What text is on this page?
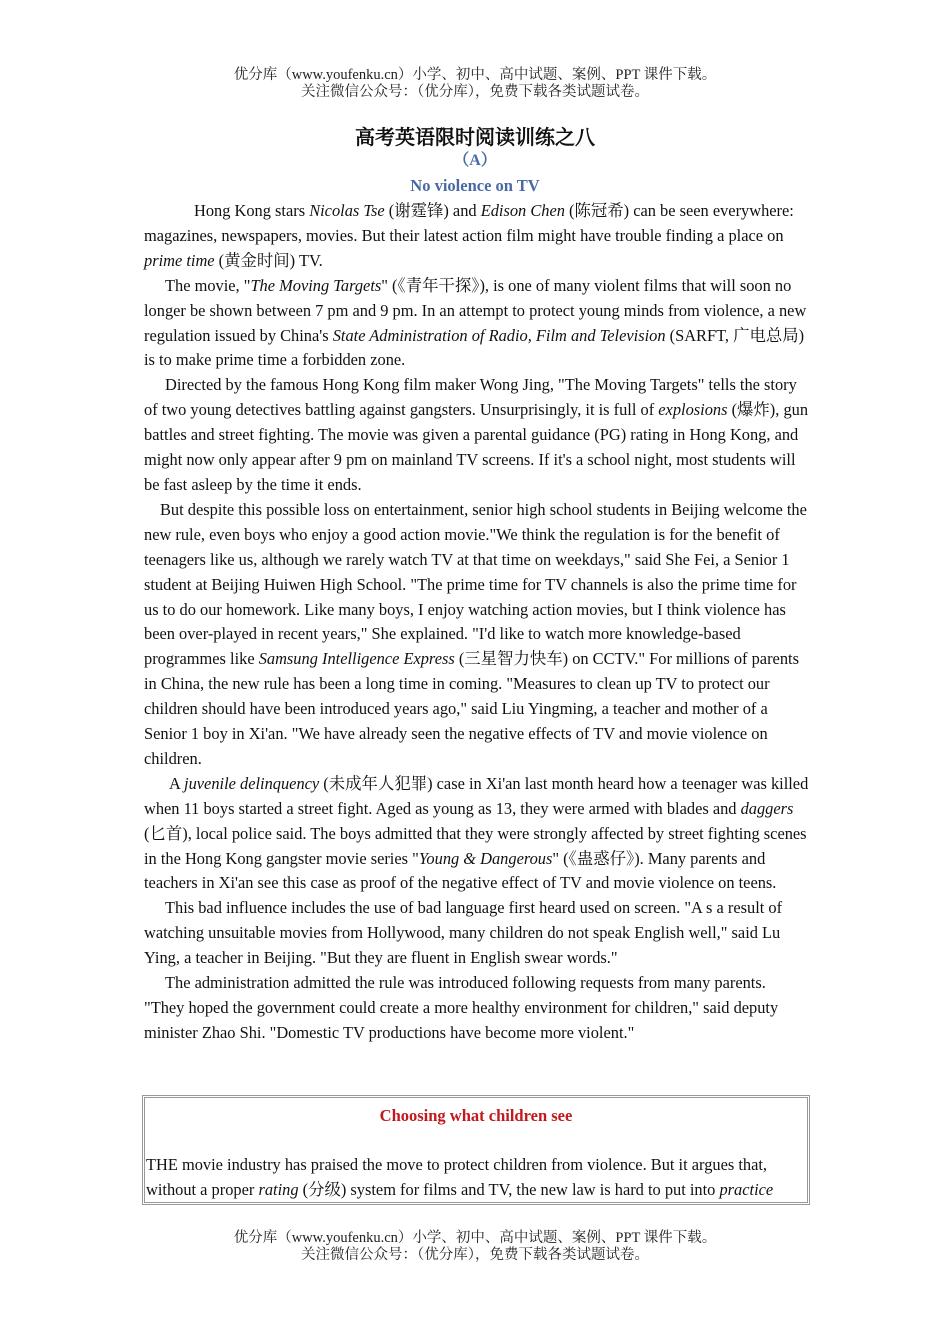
优分库（www.youfenku.cn）小学、初中、高中试题、案例、PPT 课件下载。
关注微信公众号：（优分库），免费下载各类试题试卷。
高考英语限时阅读训练之八
（A）
No violence on TV

Hong Kong stars Nicolas Tse (谢霆锋) and Edison Chen (陈冠希) can be seen everywhere: magazines, newspapers, movies. But their latest action film might have trouble finding a place on prime time (黄金时间) TV.

The movie, "The Moving Targets" (《青年干探》), is one of many violent films that will soon no longer be shown between 7 pm and 9 pm. In an attempt to protect young minds from violence, a new regulation issued by China's State Administration of Radio, Film and Television (SARFT, 广电总局) is to make prime time a forbidden zone.

Directed by the famous Hong Kong film maker Wong Jing, "The Moving Targets" tells the story of two young detectives battling against gangsters. Unsurprisingly, it is full of explosions (爆炸), gun battles and street fighting. The movie was given a parental guidance (PG) rating in Hong Kong, and might now only appear after 9 pm on mainland TV screens. If it's a school night, most students will be fast asleep by the time it ends.

But despite this possible loss on entertainment, senior high school students in Beijing welcome the new rule, even boys who enjoy a good action movie."We think the regulation is for the benefit of teenagers like us, although we rarely watch TV at that time on weekdays," said She Fei, a Senior 1 student at Beijing Huiwen High School. "The prime time for TV channels is also the prime time for us to do our homework. Like many boys, I enjoy watching action movies, but I think violence has been over-played in recent years," She explained. "I'd like to watch more knowledge-based programmes like Samsung Intelligence Express (三星智力快车) on CCTV." For millions of parents in China, the new rule has been a long time in coming. "Measures to clean up TV to protect our children should have been introduced years ago," said Liu Yingming, a teacher and mother of a Senior 1 boy in Xi'an. "We have already seen the negative effects of TV and movie violence on children.

A juvenile delinquency (未成年人犯罪) case in Xi'an last month heard how a teenager was killed when 11 boys started a street fight. Aged as young as 13, they were armed with blades and daggers (匕首), local police said. The boys admitted that they were strongly affected by street fighting scenes in the Hong Kong gangster movie series "Young & Dangerous" (《蛊惑仔》). Many parents and teachers in Xi'an see this case as proof of the negative effect of TV and movie violence on teens.

This bad influence includes the use of bad language first heard used on screen. "A s a result of watching unsuitable movies from Hollywood, many children do not speak English well," said Lu Ying, a teacher in Beijing. "But they are fluent in English swear words."

The administration admitted the rule was introduced following requests from many parents. "They hoped the government could create a more healthy environment for children," said deputy minister Zhao Shi. "Domestic TV productions have become more violent."

Choosing what children see
THE movie industry has praised the move to protect children from violence. But it argues that, without a proper rating (分级) system for films and TV, the new law is hard to put into practice
优分库（www.youfenku.cn）小学、初中、高中试题、案例、PPT 课件下载。
关注微信公众号：（优分库），免费下载各类试题试卷。
